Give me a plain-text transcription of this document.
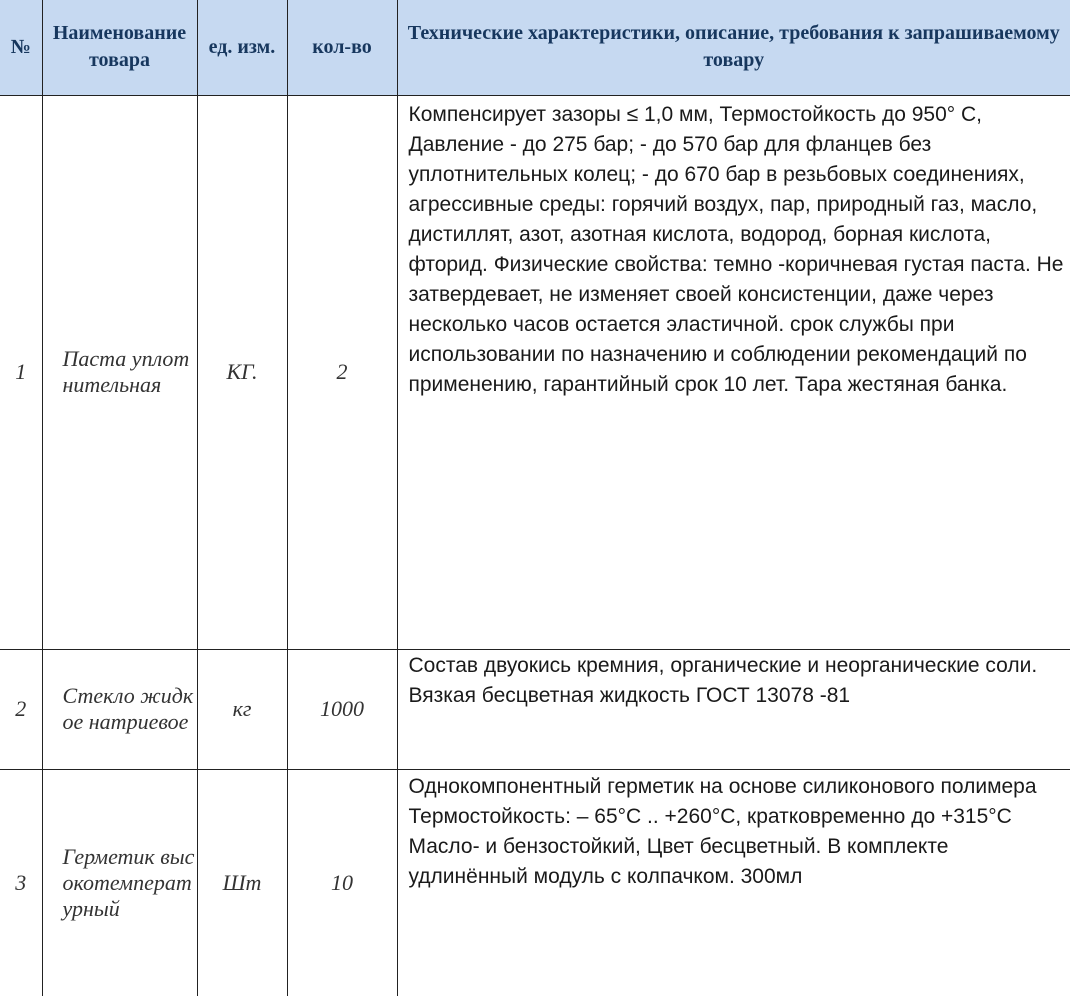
№	Наименование товара	ед. изм.	кол-во	Технические характеристики, описание, требования к запрашиваемому товару
1	Паста уплотнительная	КГ.	2	Компенсирует зазоры ≤ 1,0 мм, Термостойкость до 950° С, Давление - до 275 бар; - до 570 бар для фланцев без уплотнительных колец; - до 670 бар в резьбовых соединениях, агрессивные среды: горячий воздух, пар, природный газ, масло, дистиллят, азот, азотная кислота, водород, борная кислота, фторид. Физические свойства: темно -коричневая густая паста. Не затвердевает, не изменяет своей консистенции, даже через несколько часов остается эластичной. срок службы при использовании по назначению и соблюдении рекомендаций по применению, гарантийный срок 10 лет. Тара жестяная банка.
2	Стекло жидкое натриевое	кг	1000	Состав двуокись кремния, органические и неорганические соли. Вязкая бесцветная жидкость ГОСТ 13078 -81
3	Герметик высокотемпературный	Шт	10	Однокомпонентный герметик на основе силиконового полимера Термостойкость: – 65°С .. +260°С, кратковременно до +315°С Масло- и бензостойкий, Цвет бесцветный. В комплекте удлинённый модуль с колпачком. 300мл
